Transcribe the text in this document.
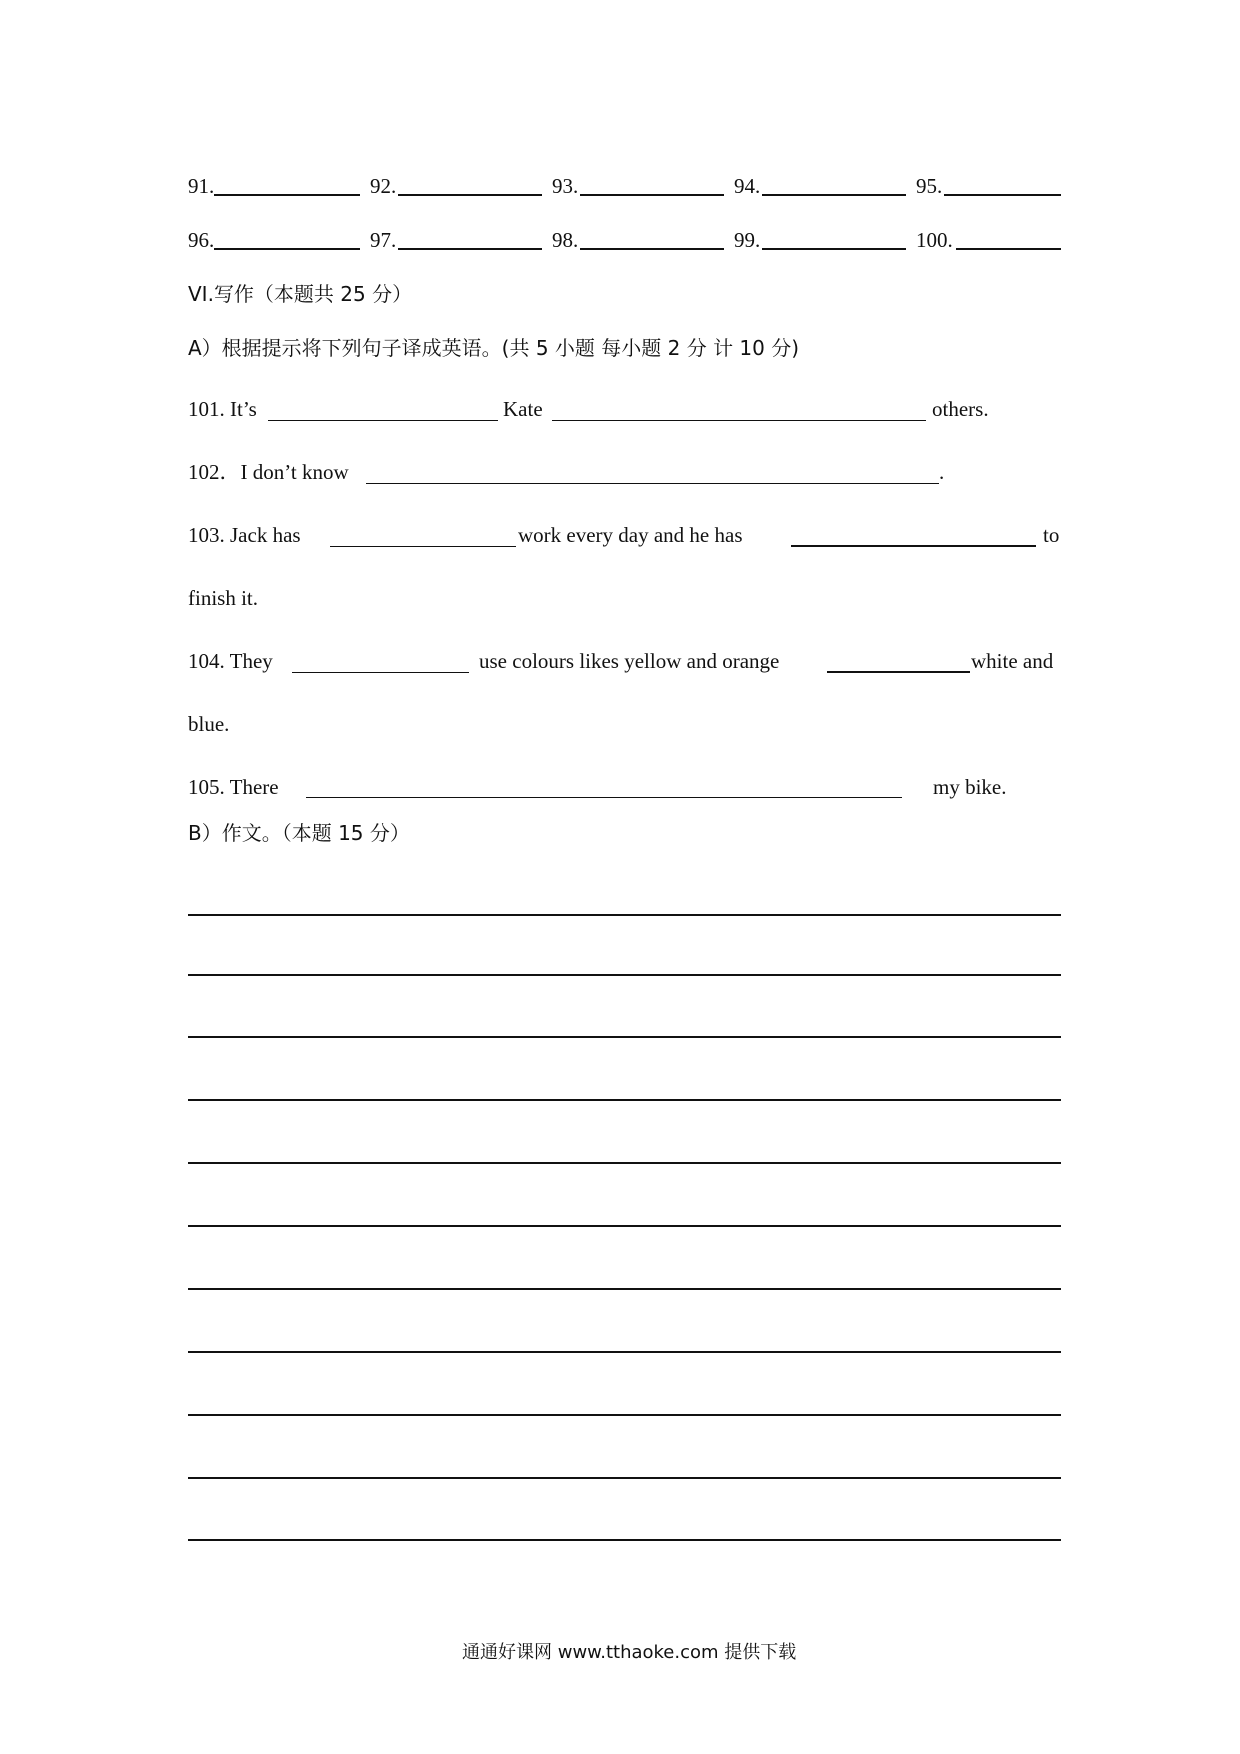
91.	92.	93.	94.	95.
96.	97.	98.	99.	100.
VI.写作（本题共 25 分）
A）根据提示将下列句子译成英语。(共 5 小题 每小题 2 分 计 10 分)
101. It’s	Kate	others.
102．I don’t know	.
103. Jack has	work every day and he has	to
finish it.
104. They	use colours likes yellow and orange	white and
blue.
105. There	my bike.
B）作文。（本题 15 分）
通通好课网 www.tthaoke.com 提供下载
